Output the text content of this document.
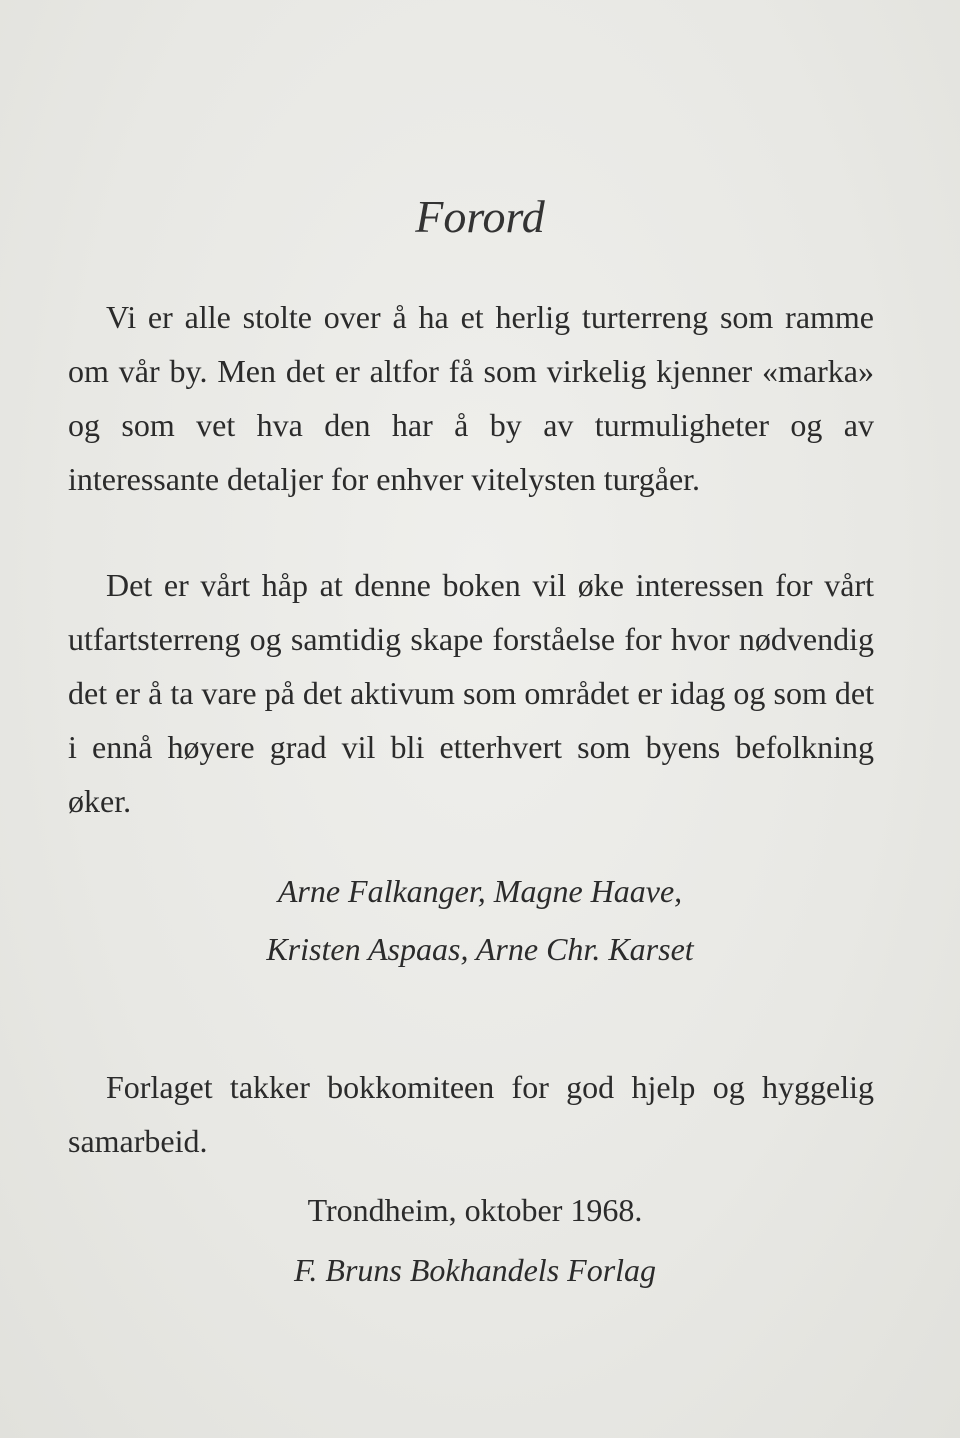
Forord

Vi er alle stolte over å ha et herlig turterreng som ramme om vår by. Men det er altfor få som virkelig kjenner «marka» og som vet hva den har å by av turmuligheter og av interessante detaljer for enhver vitelysten turgåer.

Det er vårt håp at denne boken vil øke interessen for vårt utfartsterreng og samtidig skape forståelse for hvor nødvendig det er å ta vare på det aktivum som området er idag og som det i ennå høyere grad vil bli etterhvert som byens befolkning øker.

Arne Falkanger, Magne Haave,
Kristen Aspaas, Arne Chr. Karset

Forlaget takker bokkomiteen for god hjelp og hyggelig samarbeid.

Trondheim, oktober 1968.
F. Bruns Bokhandels Forlag
